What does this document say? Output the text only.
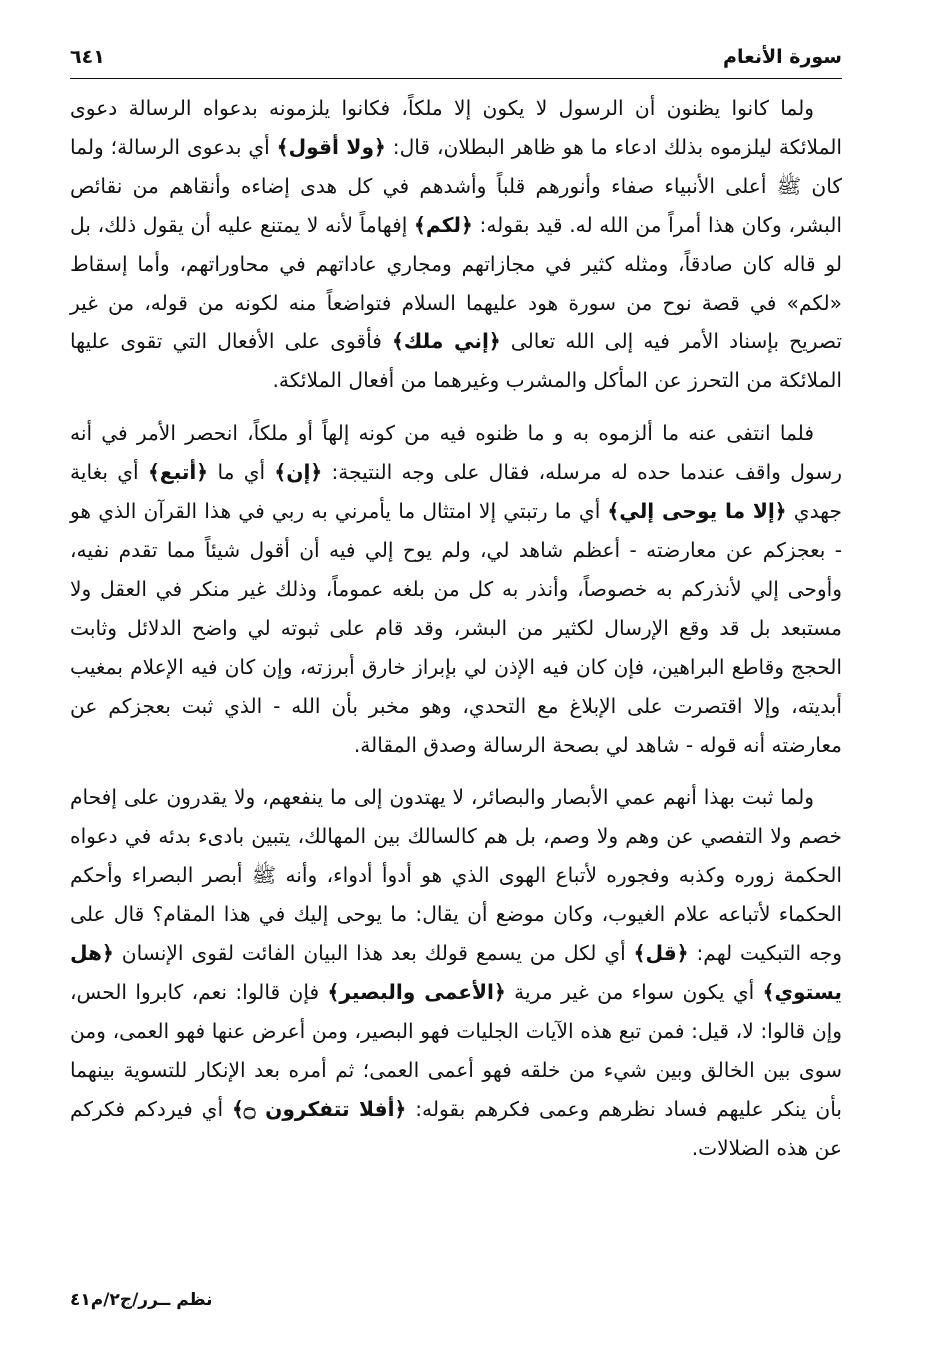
سورة الأنعام
٦٤١

ولما كانوا يظنون أن الرسول لا يكون إلا ملكاً، فكانوا يلزمونه بدعواه الرسالة دعوى الملائكة ليلزموه بذلك ادعاء ما هو ظاهر البطلان، قال: ﴿ولا أقول﴾ أي بدعوى الرسالة؛ ولما كان ﷺ أعلى الأنبياء صفاء وأنورهم قلباً وأشدهم في كل هدى إضاءه وأنقاهم من نقائص البشر، وكان هذا أمراً من الله له. قيد بقوله: ﴿لكم﴾ إفهاماً لأنه لا يمتنع عليه أن يقول ذلك، بل لو قاله كان صادقاً، ومثله كثير في مجازاتهم ومجاري عاداتهم في محاوراتهم، وأما إسقاط «لكم» في قصة نوح من سورة هود عليهما السلام فتواضعاً منه لكونه من قوله، من غير تصريح بإسناد الأمر فيه إلى الله تعالى ﴿إني ملك﴾ فأقوى على الأفعال التي تقوى عليها الملائكة من التحرز عن المأكل والمشرب وغيرهما من أفعال الملائكة.

فلما انتفى عنه ما ألزموه به و ما ظنوه فيه من كونه إلهاً أو ملكاً، انحصر الأمر في أنه رسول واقف عندما حده له مرسله، فقال على وجه النتيجة: ﴿إن﴾ أي ما ﴿أتبع﴾ أي بغاية جهدي ﴿إلا ما يوحى إلي﴾ أي ما رتبتي إلا امتثال ما يأمرني به ربي في هذا القرآن الذي هو - بعجزكم عن معارضته - أعظم شاهد لي، ولم يوح إلي فيه أن أقول شيئاً مما تقدم نفيه، وأوحى إلي لأنذركم به خصوصاً، وأنذر به كل من بلغه عموماً، وذلك غير منكر في العقل ولا مستبعد بل قد وقع الإرسال لكثير من البشر، وقد قام على ثبوته لي واضح الدلائل وثابت الحجج وقاطع البراهين، فإن كان فيه الإذن لي بإبراز خارق أبرزته، وإن كان فيه الإعلام بمغيب أبديته، وإلا اقتصرت على الإبلاغ مع التحدي، وهو مخبر بأن الله - الذي ثبت بعجزكم عن معارضته أنه قوله - شاهد لي بصحة الرسالة وصدق المقالة.

ولما ثبت بهذا أنهم عمي الأبصار والبصائر، لا يهتدون إلى ما ينفعهم، ولا يقدرون على إفحام خصم ولا التفصي عن وهم ولا وصم، بل هم كالسالك بين المهالك، يتبين بادىء بدئه في دعواه الحكمة زوره وكذبه وفجوره لأتباع الهوى الذي هو أدوأ أدواء، وأنه ﷺ أبصر البصراء وأحكم الحكماء لأتباعه علام الغيوب، وكان موضع أن يقال: ما يوحى إليك في هذا المقام؟ قال على وجه التبكيت لهم: ﴿قل﴾ أي لكل من يسمع قولك بعد هذا البيان الفائت لقوى الإنسان ﴿هل يستوي﴾ أي يكون سواء من غير مرية ﴿الأعمى والبصير﴾ فإن قالوا: نعم، كابروا الحس، وإن قالوا: لا، قيل: فمن تبع هذه الآيات الجليات فهو البصير، ومن أعرض عنها فهو العمى، ومن سوى بين الخالق وبين شيء من خلقه فهو أعمى العمى؛ ثم أمره بعد الإنكار للتسوية بينهما بأن ينكر عليهم فساد نظرهم وعمى فكرهم بقوله: ﴿أفلا تتفكرون ۝﴾ أي فيردكم فكركم عن هذه الضلالات.

نظم ــرر/ج٢/م٤١
